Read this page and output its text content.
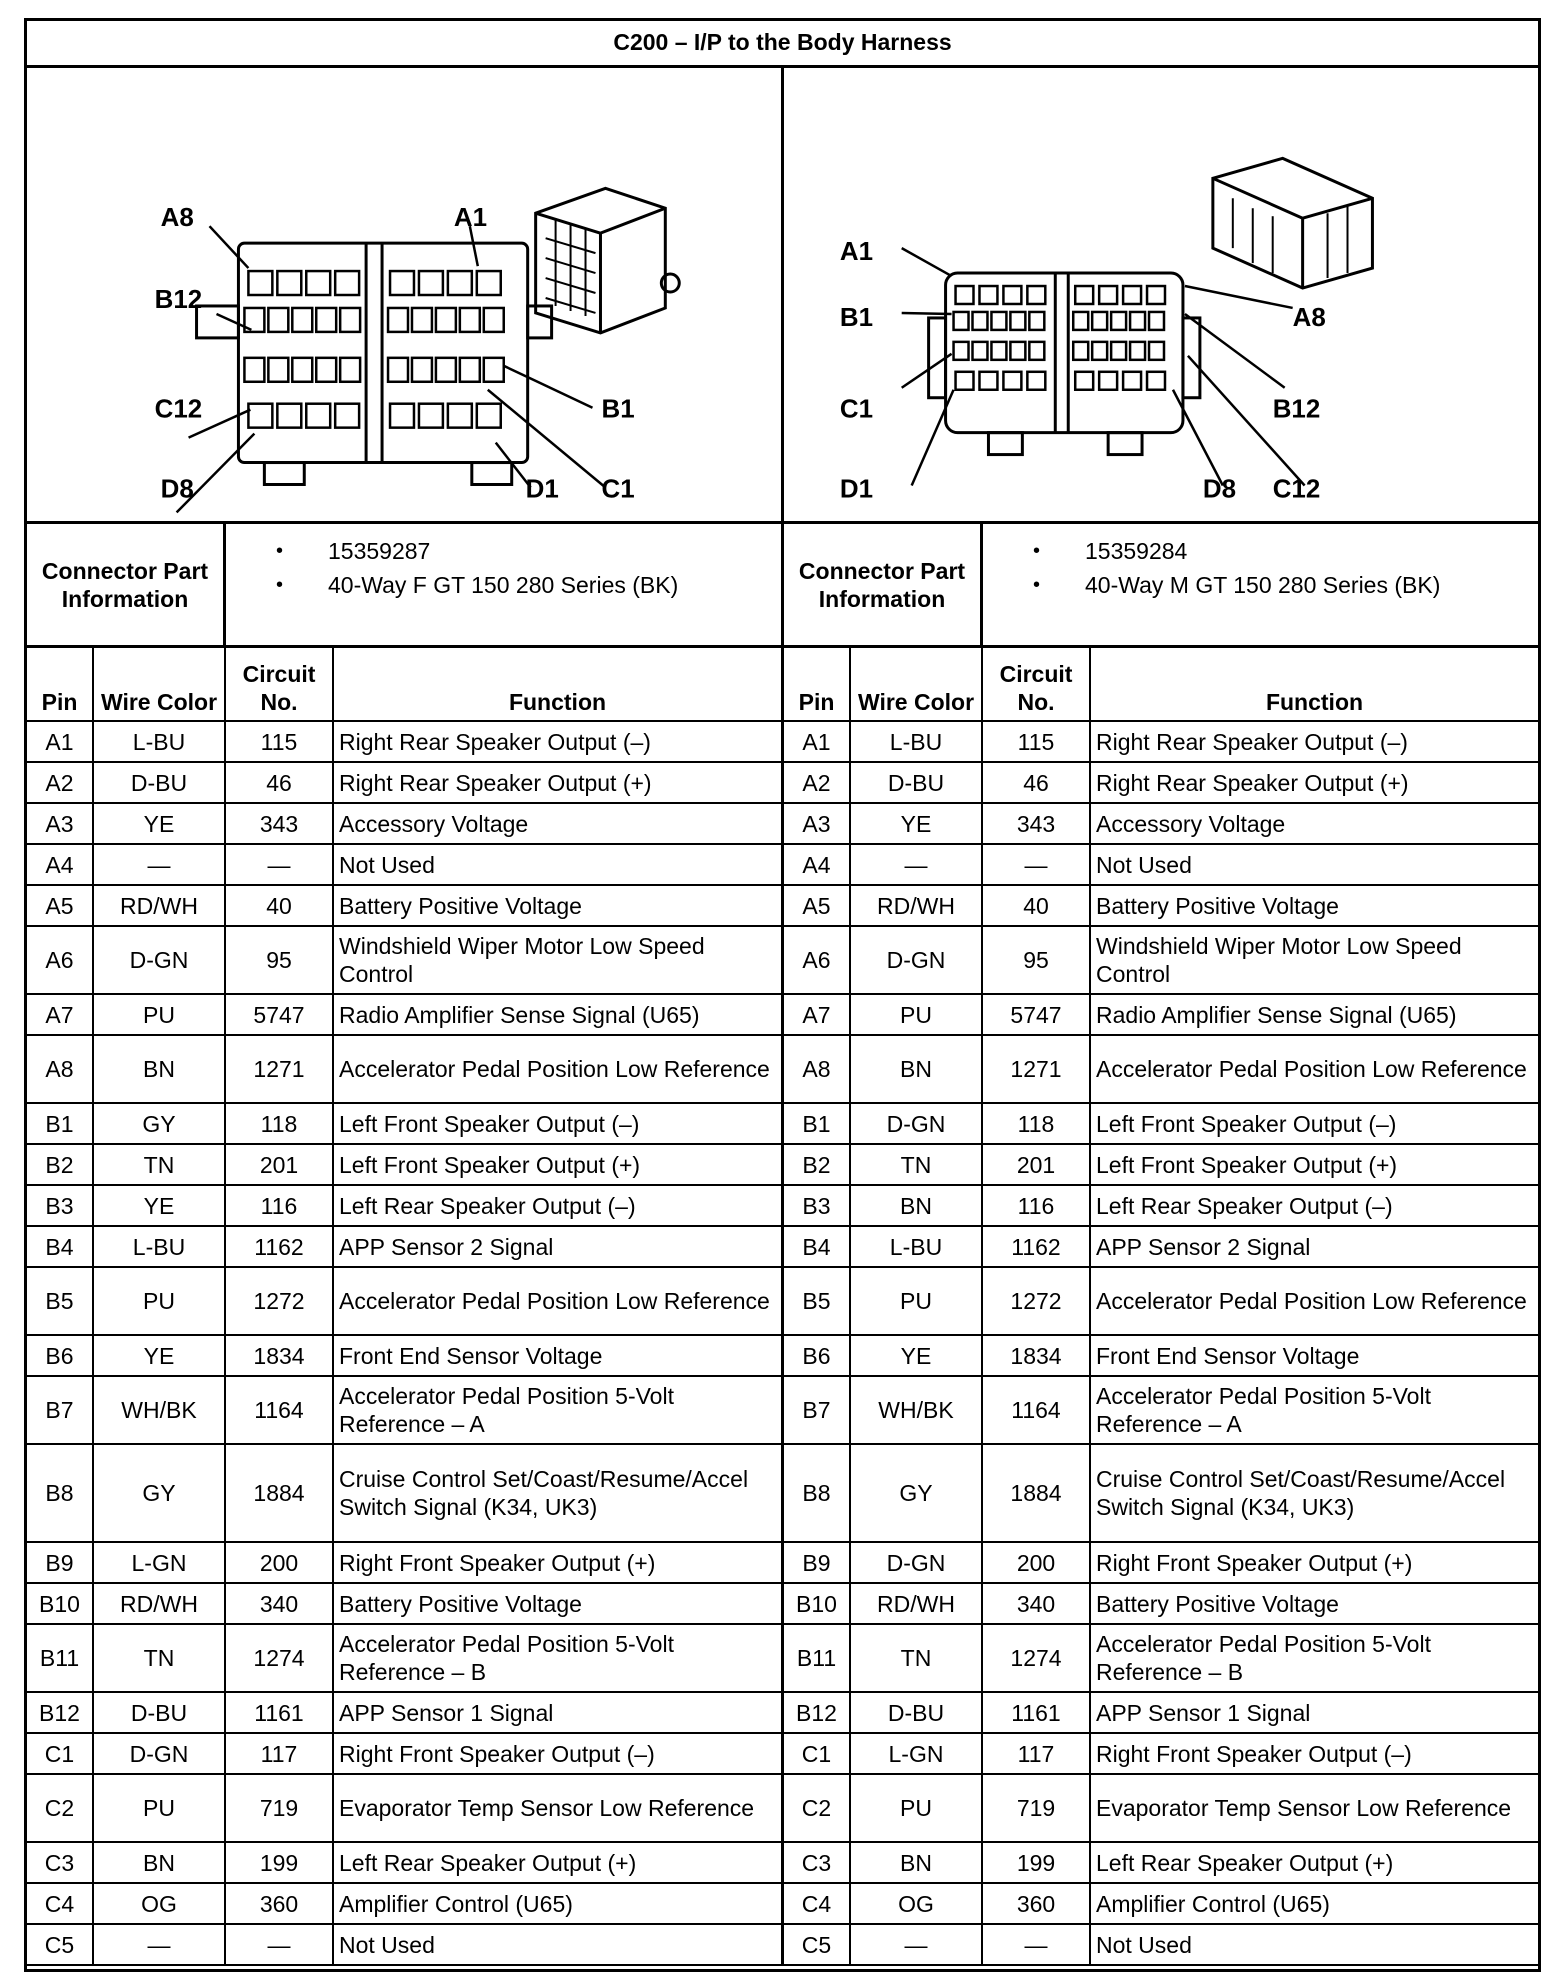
C200 – I/P to the Body Harness
A8	A1
B12
B1
C12
C1
D8	D1
A1
A8
B1
B12
C1
C12
D1	D8
Connector Part Information
•	15359287
•	40-Way F GT 150 280 Series (BK)
Connector Part Information
•	15359284
•	40-Way M GT 150 280 Series (BK)
Pin	Wire Color	Circuit No.	Function
A1	L-BU	115	Right Rear Speaker Output (–)
A2	D-BU	46	Right Rear Speaker Output (+)
A3	YE	343	Accessory Voltage
A4	—	—	Not Used
A5	RD/WH	40	Battery Positive Voltage
A6	D-GN	95	Windshield Wiper Motor Low Speed Control
A7	PU	5747	Radio Amplifier Sense Signal (U65)
A8	BN	1271	Accelerator Pedal Position Low Reference
B1	GY	118	Left Front Speaker Output (–)
B2	TN	201	Left Front Speaker Output (+)
B3	YE	116	Left Rear Speaker Output (–)
B4	L-BU	1162	APP Sensor 2 Signal
B5	PU	1272	Accelerator Pedal Position Low Reference
B6	YE	1834	Front End Sensor Voltage
B7	WH/BK	1164	Accelerator Pedal Position 5-Volt Reference – A
B8	GY	1884	Cruise Control Set/Coast/Resume/Accel Switch Signal (K34, UK3)
B9	L-GN	200	Right Front Speaker Output (+)
B10	RD/WH	340	Battery Positive Voltage
B11	TN	1274	Accelerator Pedal Position 5-Volt Reference – B
B12	D-BU	1161	APP Sensor 1 Signal
C1	D-GN	117	Right Front Speaker Output (–)
C2	PU	719	Evaporator Temp Sensor Low Reference
C3	BN	199	Left Rear Speaker Output (+)
C4	OG	360	Amplifier Control (U65)
C5	—	—	Not Used
Pin	Wire Color	Circuit No.	Function
A1	L-BU	115	Right Rear Speaker Output (–)
A2	D-BU	46	Right Rear Speaker Output (+)
A3	YE	343	Accessory Voltage
A4	—	—	Not Used
A5	RD/WH	40	Battery Positive Voltage
A6	D-GN	95	Windshield Wiper Motor Low Speed Control
A7	PU	5747	Radio Amplifier Sense Signal (U65)
A8	BN	1271	Accelerator Pedal Position Low Reference
B1	D-GN	118	Left Front Speaker Output (–)
B2	TN	201	Left Front Speaker Output (+)
B3	BN	116	Left Rear Speaker Output (–)
B4	L-BU	1162	APP Sensor 2 Signal
B5	PU	1272	Accelerator Pedal Position Low Reference
B6	YE	1834	Front End Sensor Voltage
B7	WH/BK	1164	Accelerator Pedal Position 5-Volt Reference – A
B8	GY	1884	Cruise Control Set/Coast/Resume/Accel Switch Signal (K34, UK3)
B9	D-GN	200	Right Front Speaker Output (+)
B10	RD/WH	340	Battery Positive Voltage
B11	TN	1274	Accelerator Pedal Position 5-Volt Reference – B
B12	D-BU	1161	APP Sensor 1 Signal
C1	L-GN	117	Right Front Speaker Output (–)
C2	PU	719	Evaporator Temp Sensor Low Reference
C3	BN	199	Left Rear Speaker Output (+)
C4	OG	360	Amplifier Control (U65)
C5	—	—	Not Used
